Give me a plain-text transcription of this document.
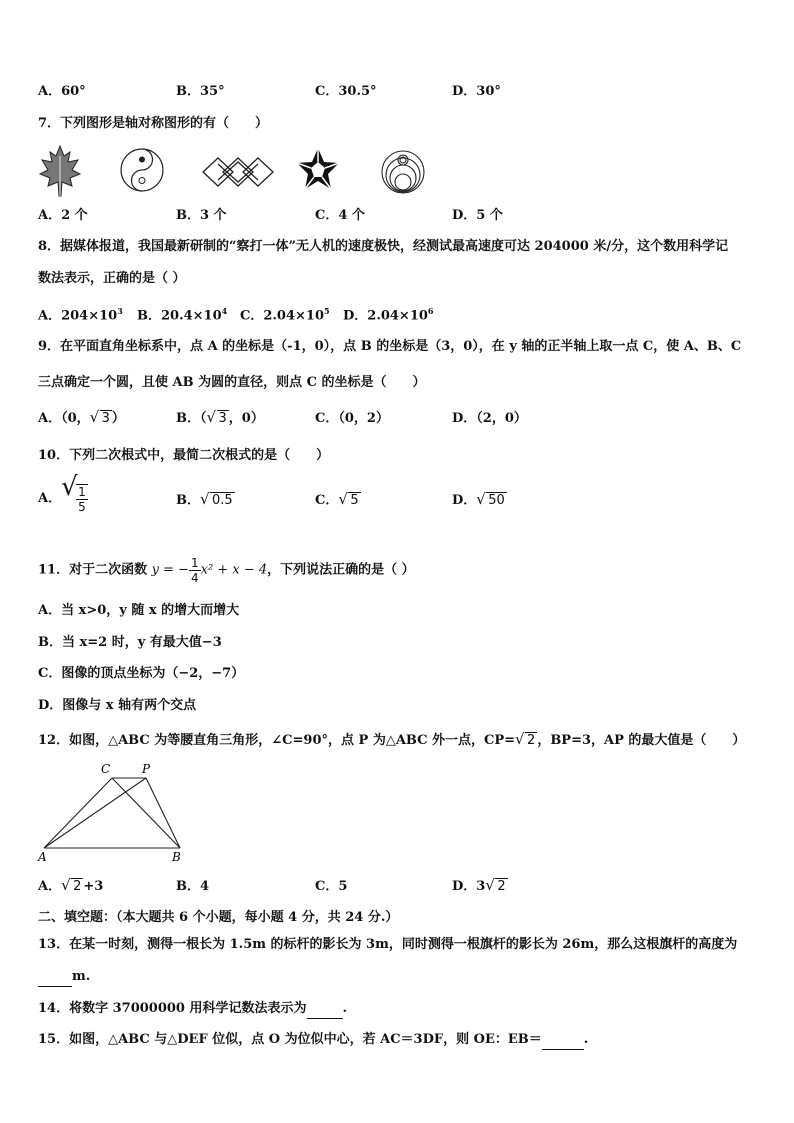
A．60°	B．35°	C．30.5°	D．30°
7．下列图形是轴对称图形的有（　　）
A．2 个	B．3 个	C．4 个	D．5 个
8．据媒体报道，我国最新研制的“察打一体”无人机的速度极快，经测试最高速度可达 204000 米/分，这个数用科学记
数法表示，正确的是（ ）
A．$204\times 10^3$ B．$20.4\times 10^4$ C．$2.04\times 10^5$ D．$2.04\times 10^6$
9．在平面直角坐标系中，点 A 的坐标是（-1，0），点 B 的坐标是（3，0），在 y 轴的正半轴上取一点 C，使 A、B、C
三点确定一个圆，且使 AB 为圆的直径，则点 C 的坐标是（　　）
A．（0， √ 3 ）	B．（ √ 3 ，0）	C．（0，2）	D．（2，0）
10．下列二次根式中，最简二次根式的是（　　）
A． √
$\frac{1}{5}$	B． √ 0.5	C． √ 5	D． √ 50
11．对于二次函数 y = − $\frac{1}{4} x^2 + x - 4$，下列说法正确的是（ ）
A．当 x>0，y 随 x 的增大而增大
B．当 x=2 时，y 有最大值−3
C．图像的顶点坐标为（−2，−7）
D．图像与 x 轴有两个交点
12．如图，△ABC 为等腰直角三角形，∠C=90°，点 P 为△ABC 外一点，CP= √ 2 ，BP=3，AP 的最大值是（　　）
C	P
A	B
A． √ 2 +3	B．4	C．5	D．3 √ 2
二、填空题：（本大题共 6 个小题，每小题 4 分，共 24 分.）
13．在某一时刻，测得一根长为 1.5m 的标杆的影长为 3m，同时测得一根旗杆的影长为 26m，那么这根旗杆的高度为
m.
14．将数字 37000000 用科学记数法表示为	.
15．如图，△ABC 与△DEF 位似，点 O 为位似中心，若 AC＝3DF，则 OE：EB＝	.
